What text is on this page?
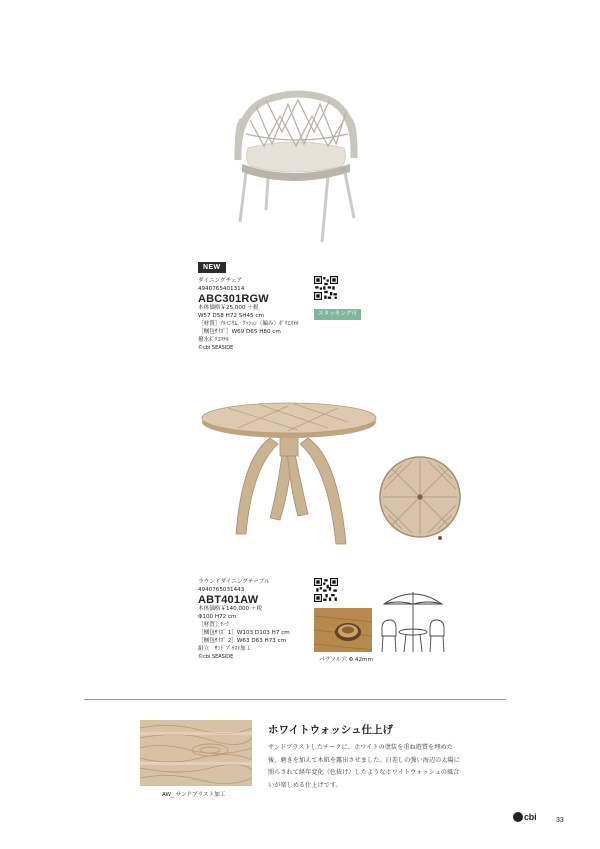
NEW
ダイニングチェア
4940765401314
ABC301RGW
本体価格￥25,000 ＋税
W57 D58 H72 SH45 cm
［材質］ｱﾙﾐﾆｳﾑ，ｸｯｼｮﾝ（編み）ﾎﾟﾘｴｽﾃﾙ
［梱包ｻｲｽﾞ］W69 D65 H80 cm
撥水ﾎﾟﾘｴｽﾃﾙ
©cbi SEASIDE
スタッキング可
ラウンドダイニングテーブル
4940765031443
ABT401AW
本体価格￥140,000 ＋税
Φ100 H72 cm
［材質］ﾁｰｸ
［梱包ｻｲｽﾞ 1］W103 D103 H7 cm
［梱包ｻｲｽﾞ 2］W63 D63 H73 cm
組立　ｻﾝﾄﾞﾌﾞﾗｽﾄ加工
©cbi SEASIDE	パラソル穴 Φ 42mm
AW_ サンドブラスト加工
ホワイトウォッシュ仕上げ
サンドブラストしたチークに、ホワイトの塗装を重ね遊質を埋めた後、磨きを加えて木肌を露出させました。日差しの強い海辺の太陽に照らされて経年変化（色抜け）したようなホワイトウォッシュの風合いが楽しめる仕上げです。
cbi	33
